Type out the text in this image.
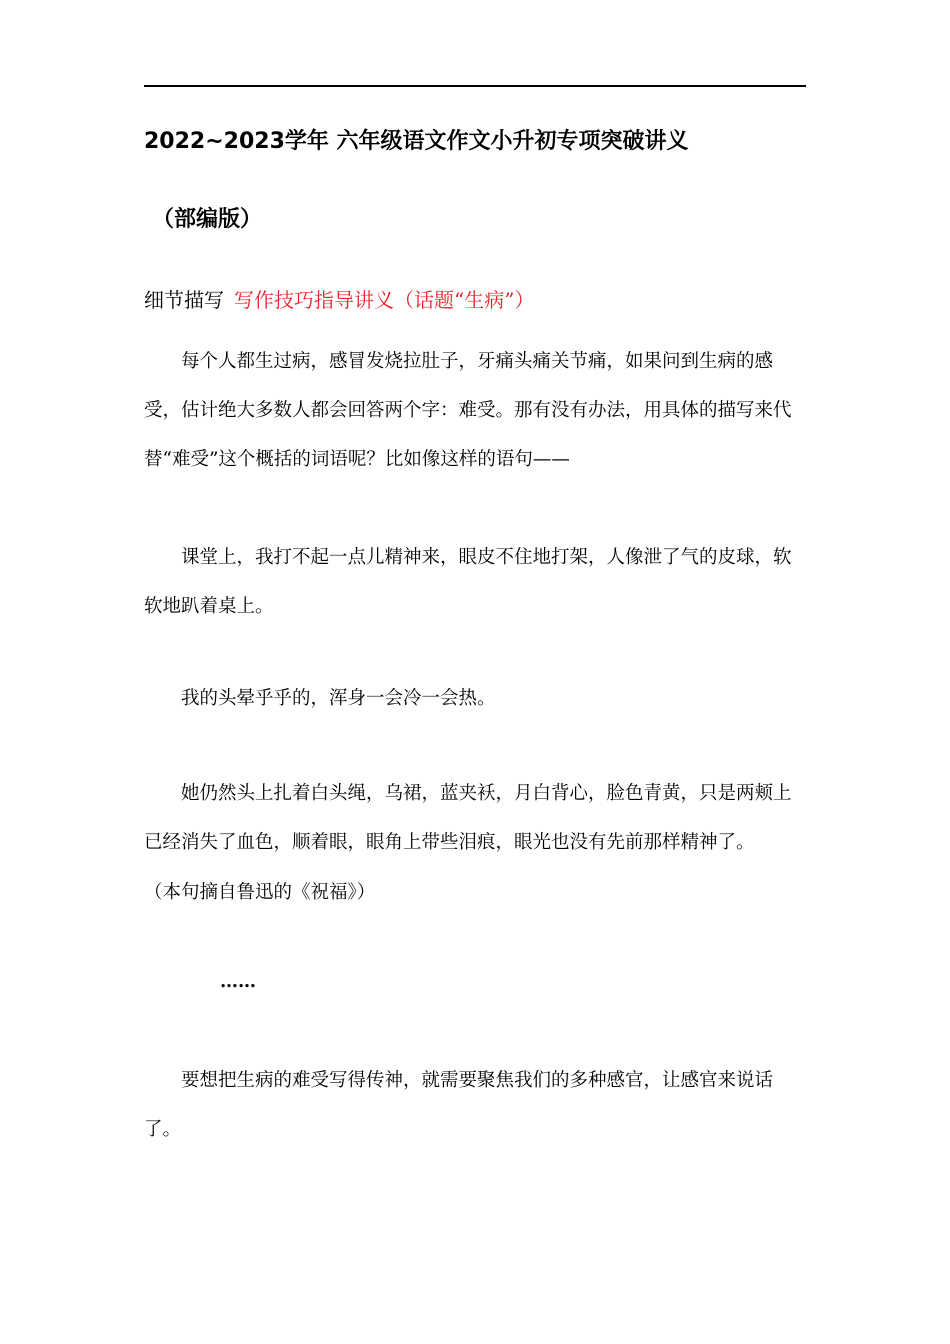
2022~2023学年 六年级语文作文小升初专项突破讲义
（部编版）
细节描写 写作技巧指导讲义（话题“生病”）

每个人都生过病，感冒发烧拉肚子，牙痛头痛关节痛，如果问到生病的感受，估计绝大多数人都会回答两个字：难受。那有没有办法，用具体的描写来代替“难受”这个概括的词语呢？比如像这样的语句——

课堂上，我打不起一点儿精神来，眼皮不住地打架，人像泄了气的皮球，软软地趴着桌上。

我的头晕乎乎的，浑身一会冷一会热。

她仍然头上扎着白头绳，乌裙，蓝夹袄，月白背心，脸色青黄，只是两颊上已经消失了血色，顺着眼，眼角上带些泪痕，眼光也没有先前那样精神了。

（本句摘自鲁迅的《祝福》）

……

要想把生病的难受写得传神，就需要聚焦我们的多种感官，让感官来说话了。
